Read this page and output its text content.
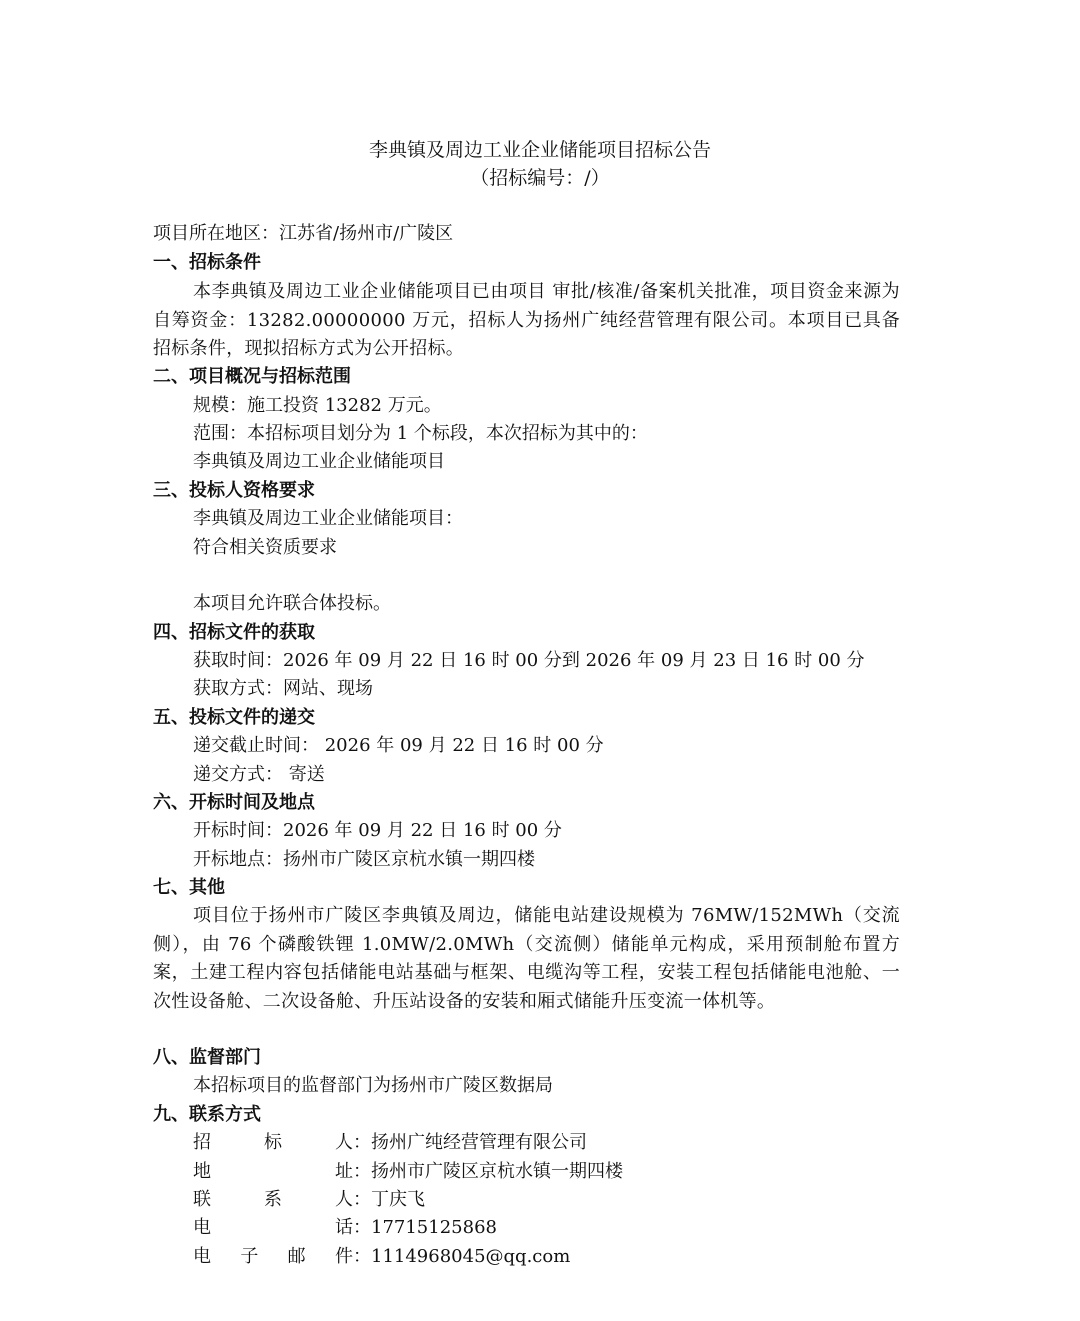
李典镇及周边工业企业储能项目招标公告
（招标编号：/）
项目所在地区：江苏省/扬州市/广陵区
一、招标条件
本李典镇及周边工业企业储能项目已由项目 审批/核准/备案机关批准，项目资金来源为自筹资金：13282.00000000 万元，招标人为扬州广纯经营管理有限公司。本项目已具备招标条件，现拟招标方式为公开招标。
二、项目概况与招标范围
规模：施工投资 13282 万元。
范围：本招标项目划分为 1 个标段，本次招标为其中的：
李典镇及周边工业企业储能项目
三、投标人资格要求
李典镇及周边工业企业储能项目：
符合相关资质要求
本项目允许联合体投标。
四、招标文件的获取
获取时间：2026 年 09 月 22 日 16 时 00 分到 2026 年 09 月 23 日 16 时 00 分
获取方式：网站、现场
五、投标文件的递交
递交截止时间： 2026 年 09 月 22 日 16 时 00 分
递交方式： 寄送
六、开标时间及地点
开标时间：2026 年 09 月 22 日 16 时 00 分
开标地点：扬州市广陵区京杭水镇一期四楼
七、其他
项目位于扬州市广陵区李典镇及周边，储能电站建设规模为 76MW/152MWh（交流侧），由 76 个磷酸铁锂 1.0MW/2.0MWh（交流侧）储能单元构成，采用预制舱布置方案，土建工程内容包括储能电站基础与框架、电缆沟等工程，安装工程包括储能电池舱、一次性设备舱、二次设备舱、升压站设备的安装和厢式储能升压变流一体机等。
八、监督部门
本招标项目的监督部门为扬州市广陵区数据局
九、联系方式
招	标	人 ：扬州广纯经营管理有限公司
地	址 ：扬州市广陵区京杭水镇一期四楼
联	系	人 ：丁庆飞
电	话 ：17715125868
电 子 邮 件 ：1114968045@qq.com
